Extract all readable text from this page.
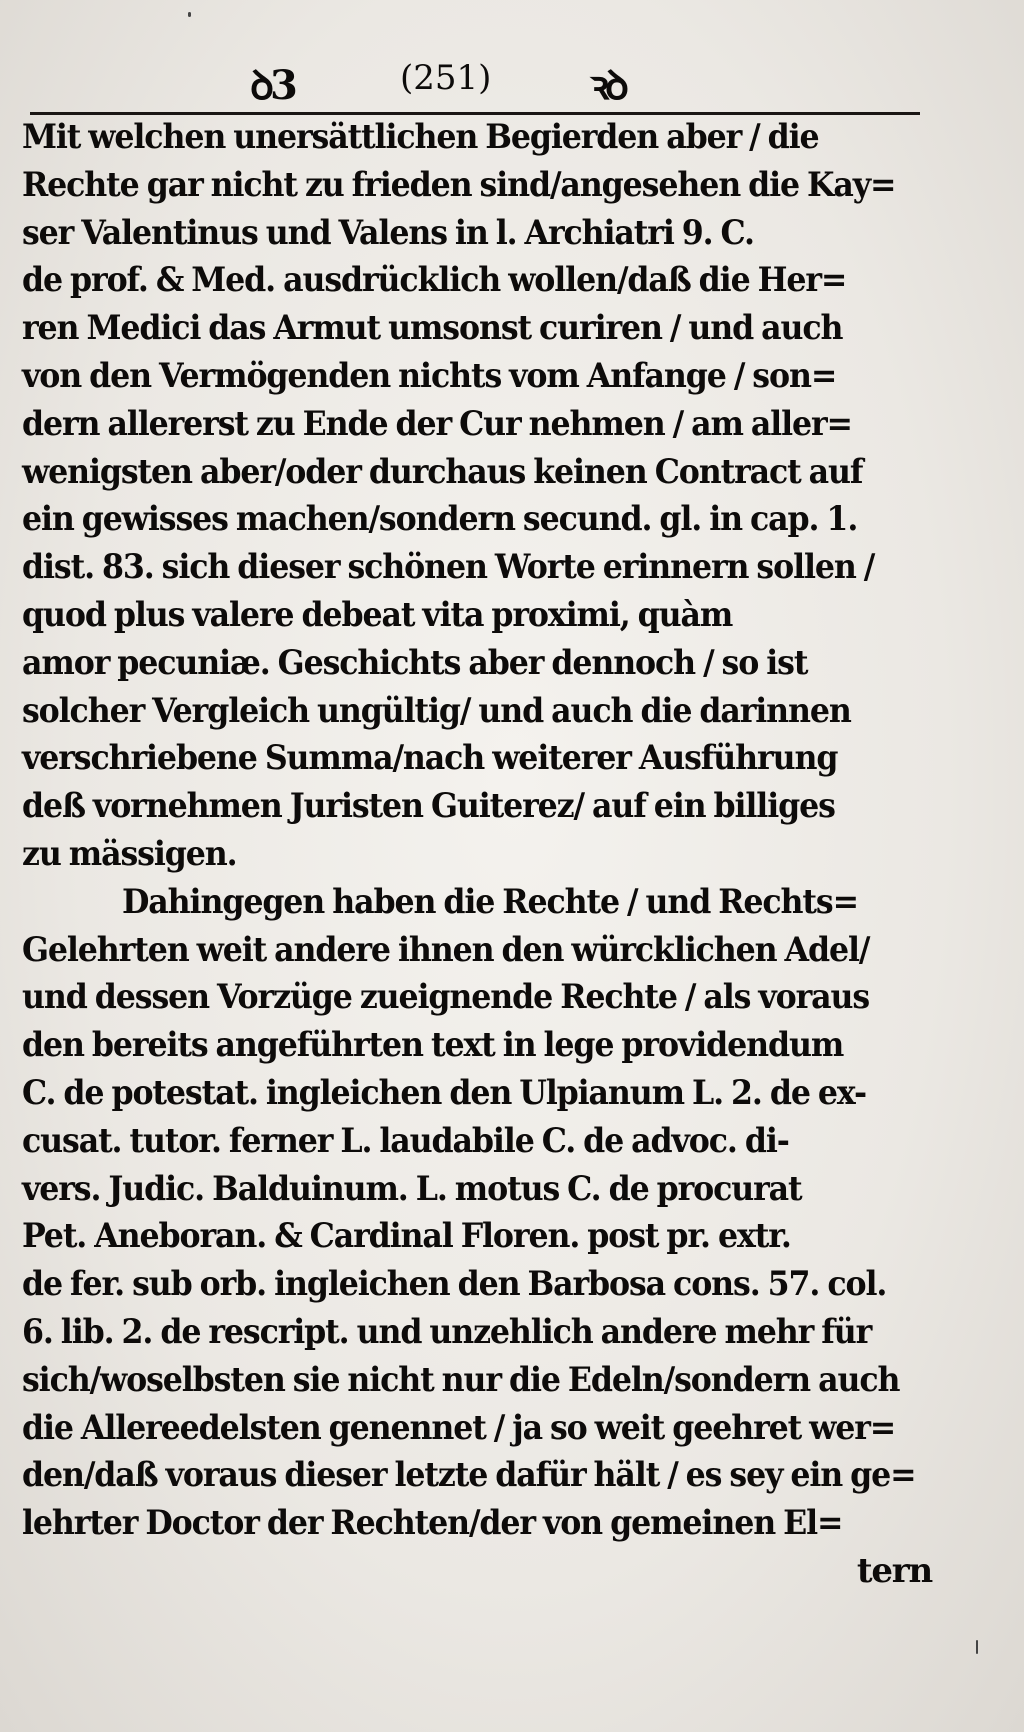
ꝺ3	(251) ꝛꝺ
Mit welchen unersättlichen Begierden aber / die
Rechte gar nicht zu frieden sind/angesehen die Kay=
ser Valentinus und Valens in l. Archiatri 9. C.
de prof. & Med. ausdrücklich wollen/daß die Her=
ren Medici das Armut umsonst curiren / und auch
von den Vermögenden nichts vom Anfange / son=
dern allererst zu Ende der Cur nehmen / am aller=
wenigsten aber/oder durchaus keinen Contract auf
ein gewisses machen/sondern secund. gl. in cap. 1.
dist. 83. sich dieser schönen Worte erinnern sollen /
quod plus valere debeat vita proximi, quàm
amor pecuniæ. Geschichts aber dennoch / so ist
solcher Vergleich ungültig/ und auch die darinnen
verschriebene Summa/nach weiterer Ausführung
deß vornehmen Juristen Guiterez/ auf ein billiges
zu mässigen.
Dahingegen haben die Rechte / und Rechts=
Gelehrten weit andere ihnen den würcklichen Adel/
und dessen Vorzüge zueignende Rechte / als voraus
den bereits angeführten text in lege providendum
C. de potestat. ingleichen den Ulpianum L. 2. de ex-
cusat. tutor. ferner L. laudabile C. de advoc. di-
vers. Judic. Balduinum. L. motus C. de procurat
Pet. Aneboran. & Cardinal Floren. post pr. extr.
de fer. sub orb. ingleichen den Barbosa cons. 57. col.
6. lib. 2. de rescript. und unzehlich andere mehr für
sich/woselbsten sie nicht nur die Edeln/sondern auch
die Allereedelsten genennet / ja so weit geehret wer=
den/daß voraus dieser letzte dafür hält / es sey ein ge=
lehrter Doctor der Rechten/der von gemeinen El=
tern
